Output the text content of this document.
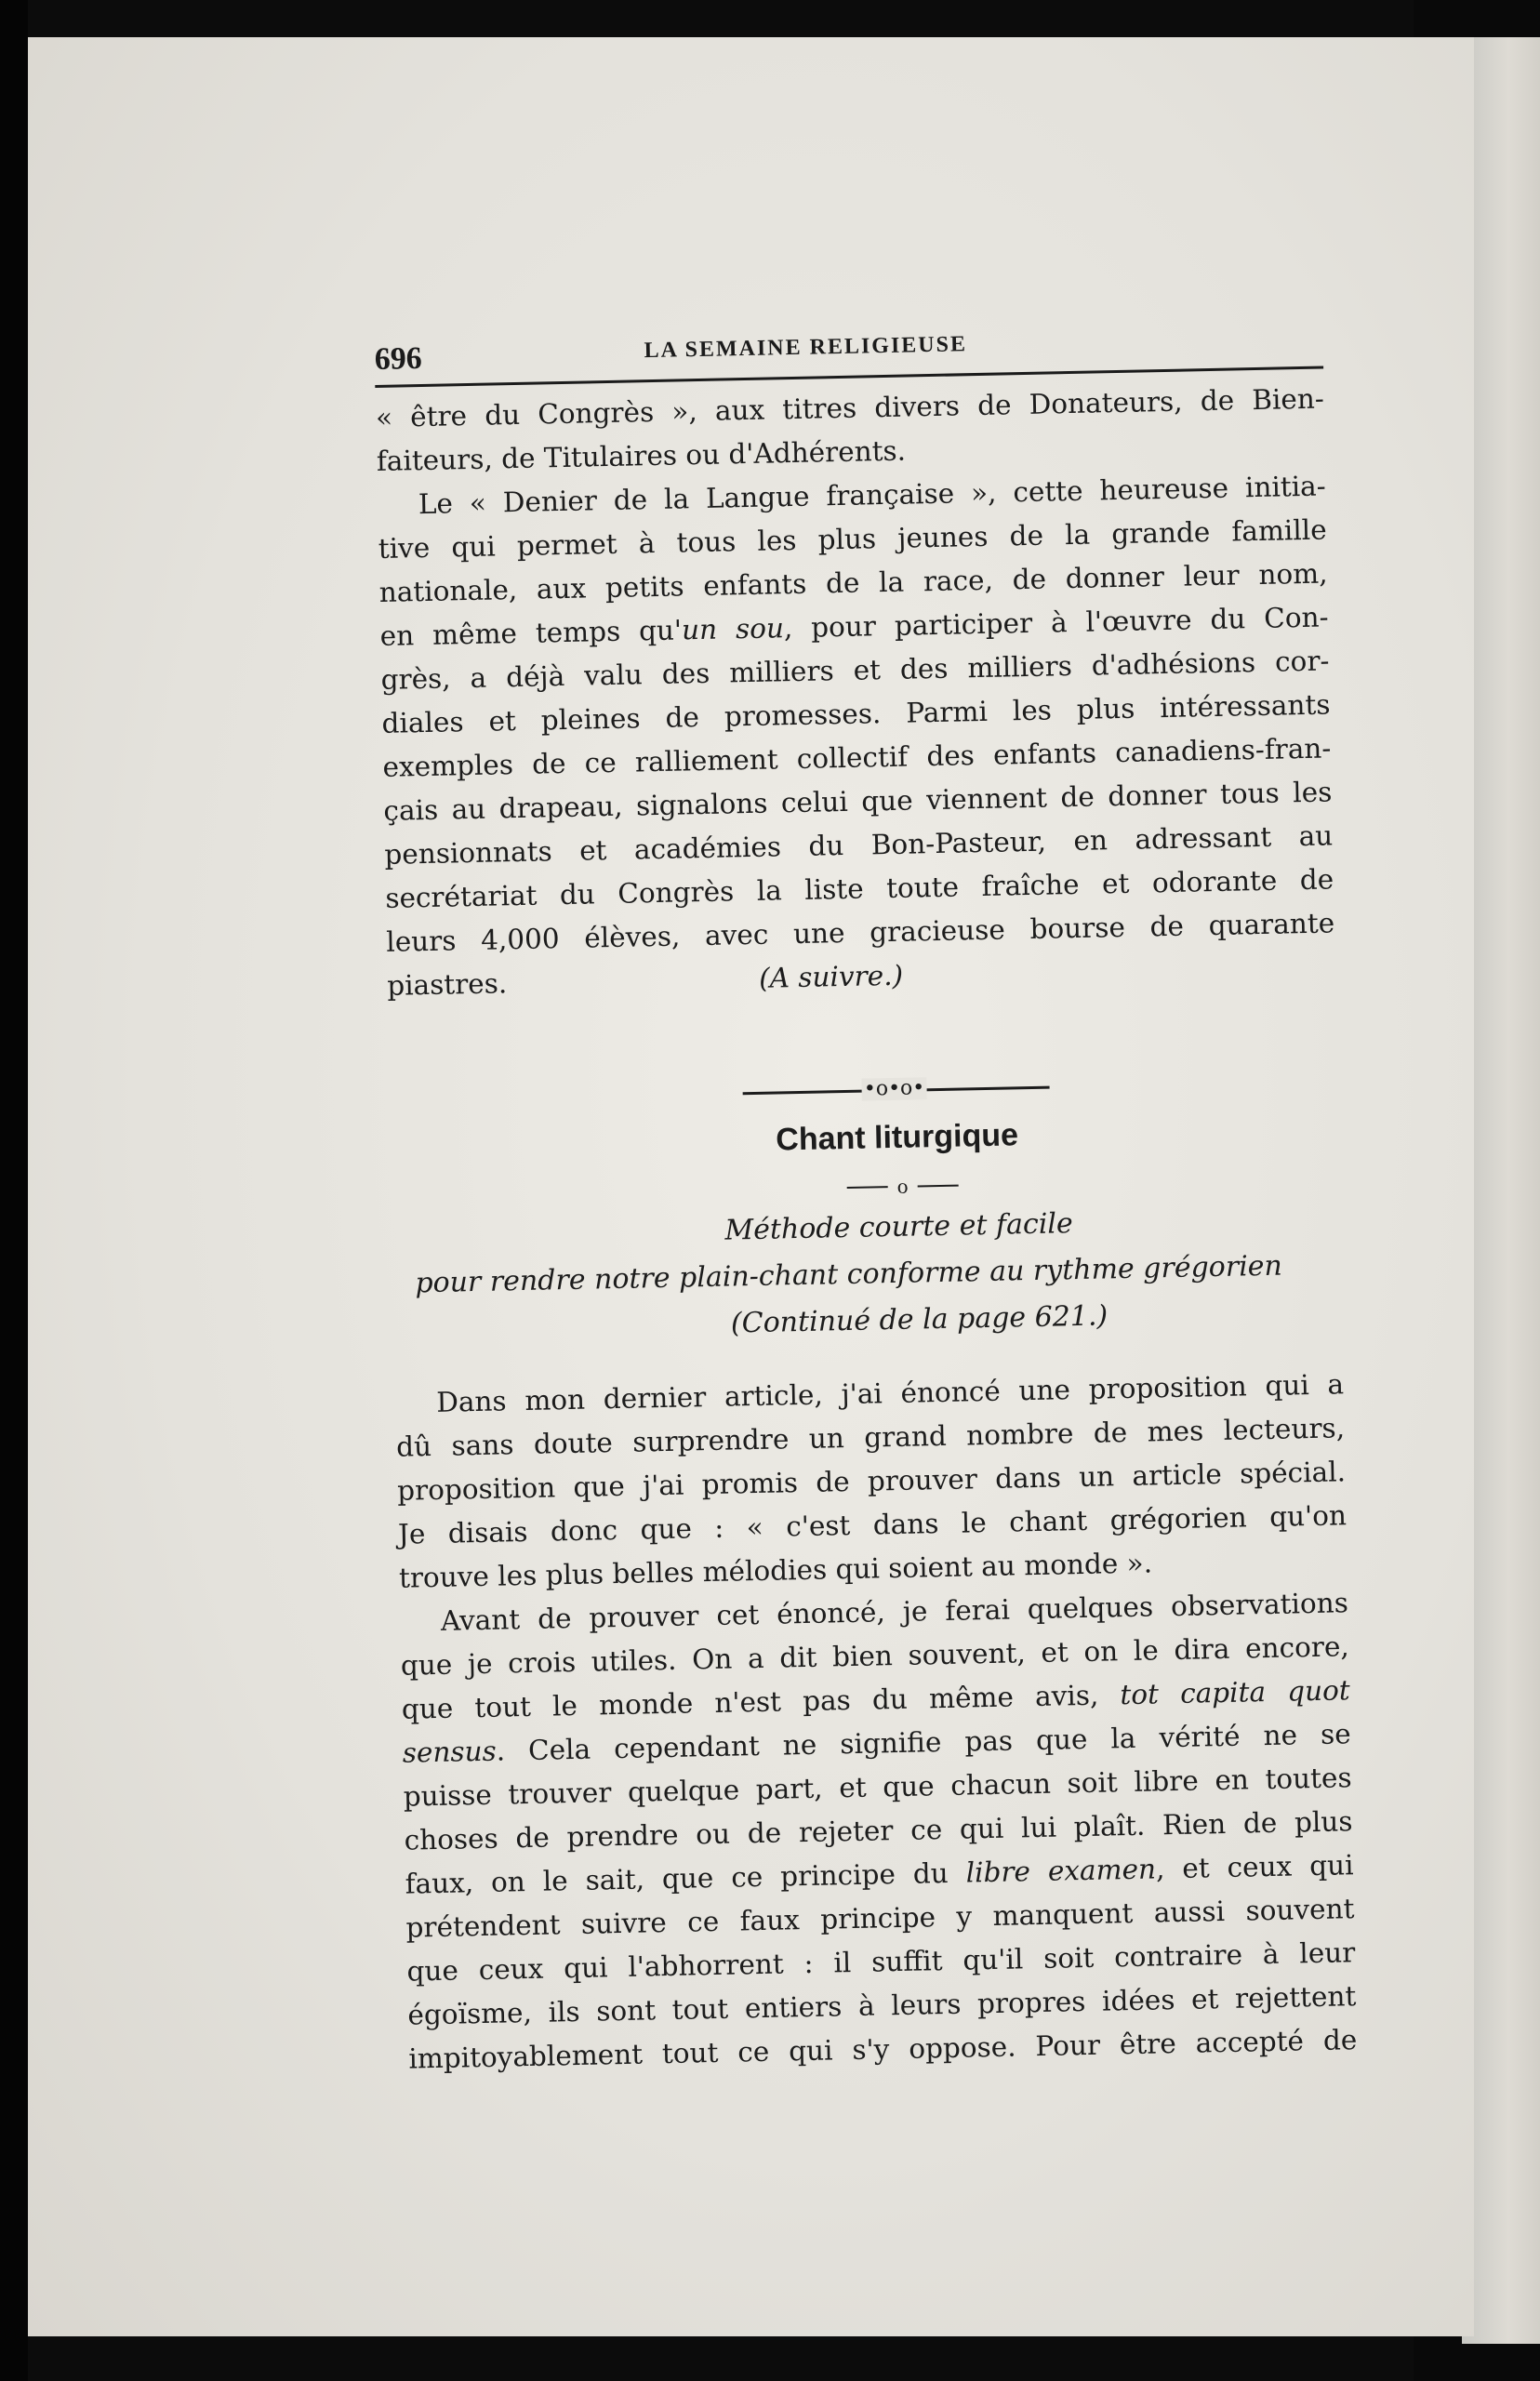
696	LA SEMAINE RELIGIEUSE

« être du Congrès », aux titres divers de Donateurs, de Bien-
faiteurs, de Titulaires ou d'Adhérents.

Le « Denier de la Langue française », cette heureuse initia-
tive qui permet à tous les plus jeunes de la grande famille
nationale, aux petits enfants de la race, de donner leur nom,
en même temps qu'un sou, pour participer à l'œuvre du Con-
grès, a déjà valu des milliers et des milliers d'adhésions cor-
diales et pleines de promesses. Parmi les plus intéressants
exemples de ce ralliement collectif des enfants canadiens-fran-
çais au drapeau, signalons celui que viennent de donner tous les
pensionnats et académies du Bon-Pasteur, en adressant au
secrétariat du Congrès la liste toute fraîche et odorante de
leurs 4,000 élèves, avec une gracieuse bourse de quarante
piastres.	(A suivre.)
•o•o•
Chant liturgique
o
Méthode courte et facile
pour rendre notre plain-chant conforme au rythme grégorien
(Continué de la page 621.)

Dans mon dernier article, j'ai énoncé une proposition qui a
dû sans doute surprendre un grand nombre de mes lecteurs,
proposition que j'ai promis de prouver dans un article spécial.
Je disais donc que : « c'est dans le chant grégorien qu'on
trouve les plus belles mélodies qui soient au monde ».

Avant de prouver cet énoncé, je ferai quelques observations
que je crois utiles. On a dit bien souvent, et on le dira encore,
que tout le monde n'est pas du même avis, tot capita quot
sensus. Cela cependant ne signifie pas que la vérité ne se
puisse trouver quelque part, et que chacun soit libre en toutes
choses de prendre ou de rejeter ce qui lui plaît. Rien de plus
faux, on le sait, que ce principe du libre examen, et ceux qui
prétendent suivre ce faux principe y manquent aussi souvent
que ceux qui l'abhorrent : il suffit qu'il soit contraire à leur
égoïsme, ils sont tout entiers à leurs propres idées et rejettent
impitoyablement tout ce qui s'y oppose. Pour être accepté de
